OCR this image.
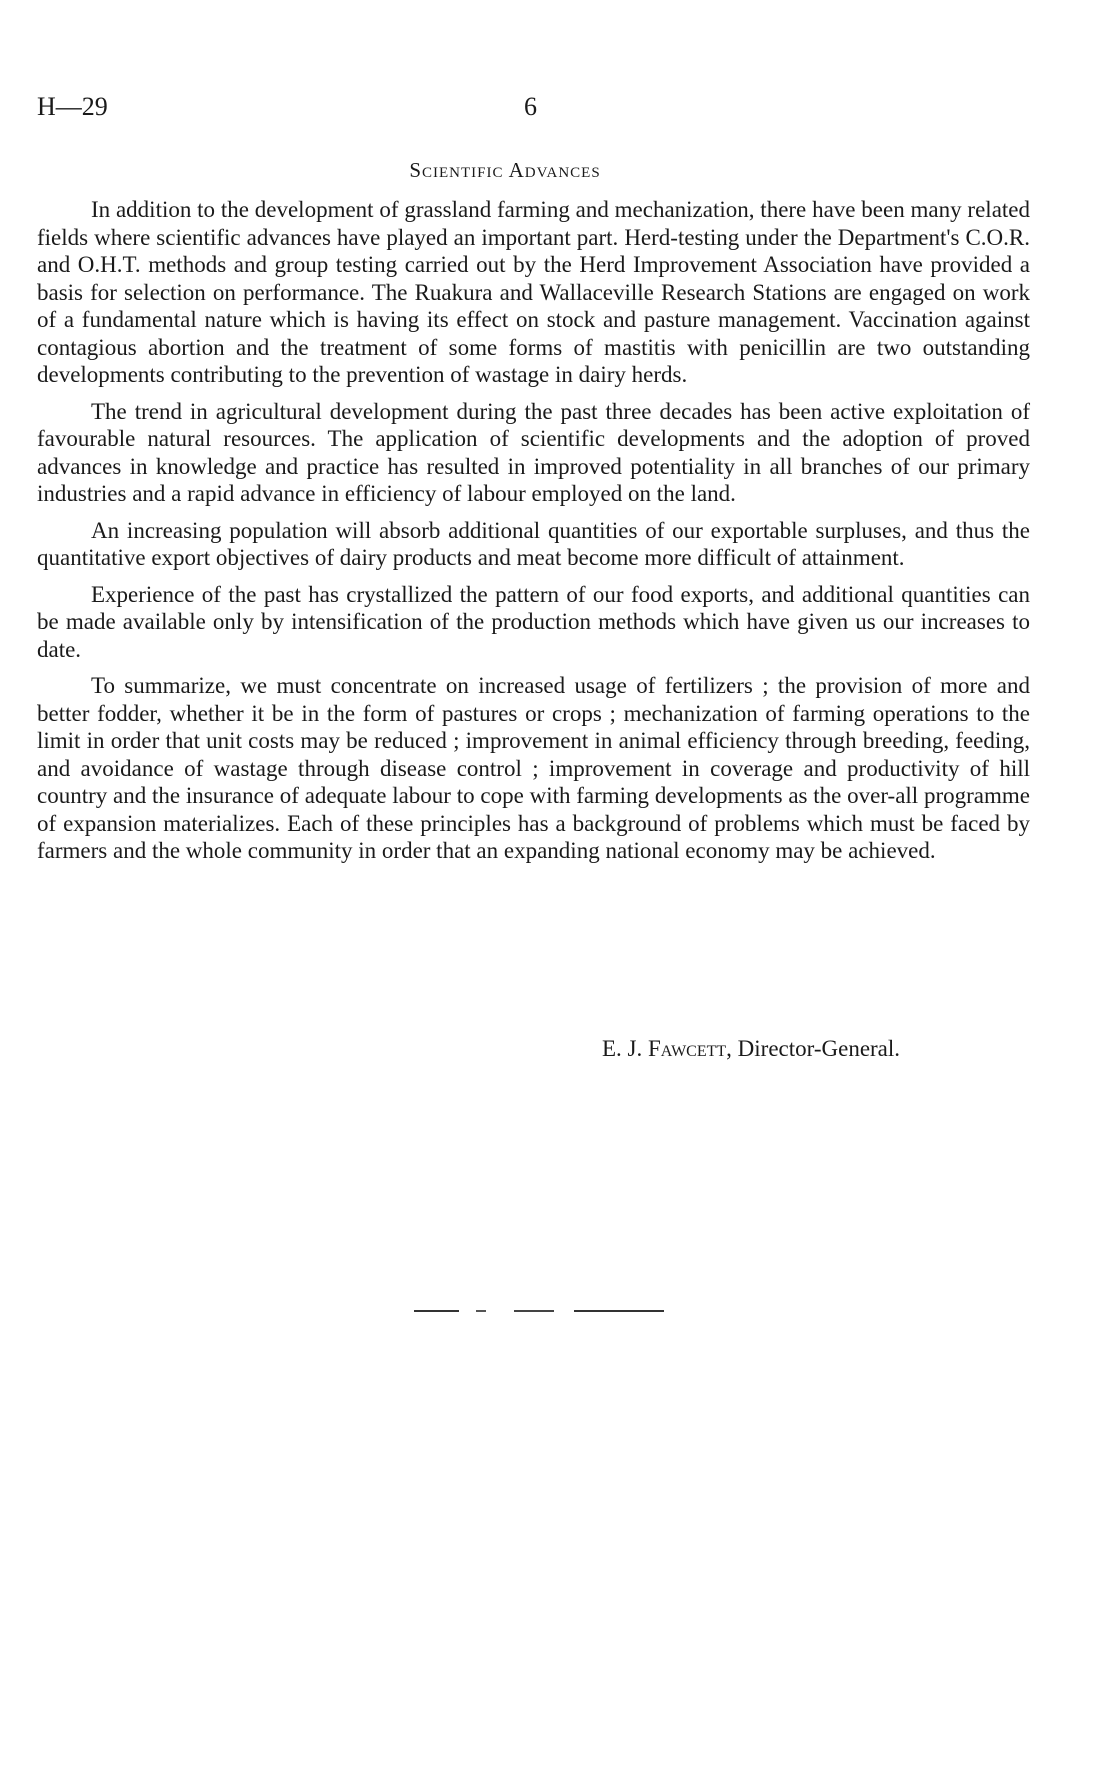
H—29	6
Scientific Advances

In addition to the development of grassland farming and mechanization, there have been many related fields where scientific advances have played an important part. Herd-testing under the Department's C.O.R. and O.H.T. methods and group testing carried out by the Herd Improvement Association have provided a basis for selection on performance. The Ruakura and Wallaceville Research Stations are engaged on work of a fundamental nature which is having its effect on stock and pasture management. Vaccination against contagious abortion and the treatment of some forms of mastitis with penicillin are two outstanding developments contributing to the prevention of wastage in dairy herds.

The trend in agricultural development during the past three decades has been active exploitation of favourable natural resources. The application of scientific developments and the adoption of proved advances in knowledge and practice has resulted in improved potentiality in all branches of our primary industries and a rapid advance in efficiency of labour employed on the land.

An increasing population will absorb additional quantities of our exportable surpluses, and thus the quantitative export objectives of dairy products and meat become more difficult of attainment.

Experience of the past has crystallized the pattern of our food exports, and additional quantities can be made available only by intensification of the production methods which have given us our increases to date.

To summarize, we must concentrate on increased usage of fertilizers ; the provision of more and better fodder, whether it be in the form of pastures or crops ; mechanization of farming operations to the limit in order that unit costs may be reduced ; improvement in animal efficiency through breeding, feeding, and avoidance of wastage through disease control ; improvement in coverage and productivity of hill country and the insurance of adequate labour to cope with farming developments as the over-all programme of expansion materializes. Each of these principles has a background of problems which must be faced by farmers and the whole community in order that an expanding national economy may be achieved.

E. J. Fawcett, Director-General.
